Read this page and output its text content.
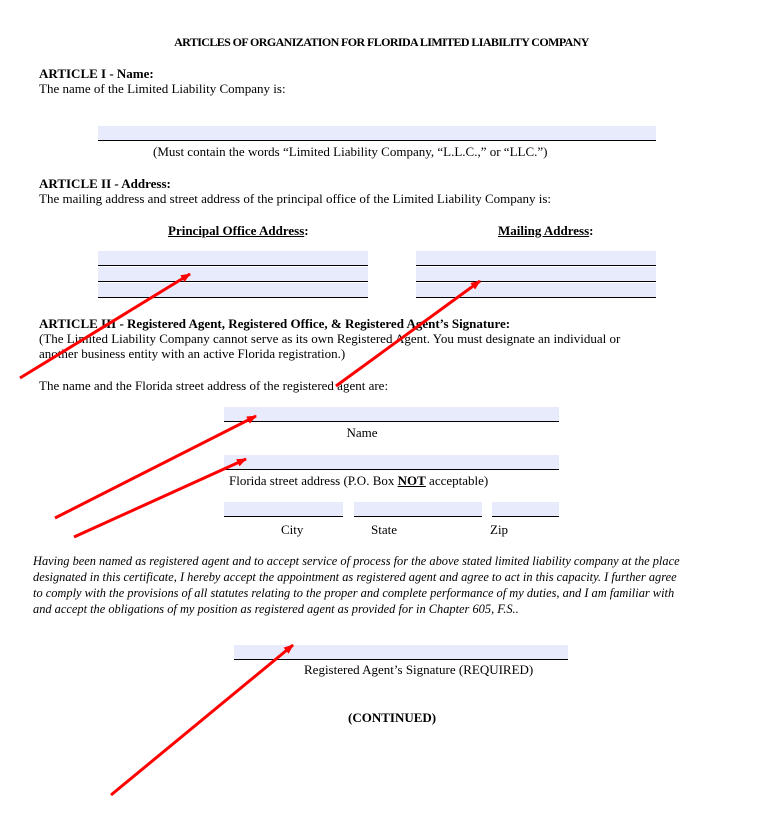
ARTICLES OF ORGANIZATION FOR FLORIDA LIMITED LIABILITY COMPANY
ARTICLE I - Name:
The name of the Limited Liability Company is:
(Must contain the words “Limited Liability Company, “L.L.C.,” or “LLC.”)
ARTICLE II - Address:
The mailing address and street address of the principal office of the Limited Liability Company is:
Principal Office Address:	Mailing Address:
ARTICLE III - Registered Agent, Registered Office, & Registered Agent’s Signature:
(The Limited Liability Company cannot serve as its own Registered Agent. You must designate an individual or
another business entity with an active Florida registration.)
The name and the Florida street address of the registered agent are:
Name
Florida street address (P.O. Box NOT acceptable)
City	State	Zip
Having been named as registered agent and to accept service of process for the above stated limited liability company at the place designated in this certificate, I hereby accept the appointment as registered agent and agree to act in this capacity. I further agree to comply with the provisions of all statutes relating to the proper and complete performance of my duties, and I am familiar with and accept the obligations of my position as registered agent as provided for in Chapter 605, F.S..
Registered Agent’s Signature (REQUIRED)
(CONTINUED)
